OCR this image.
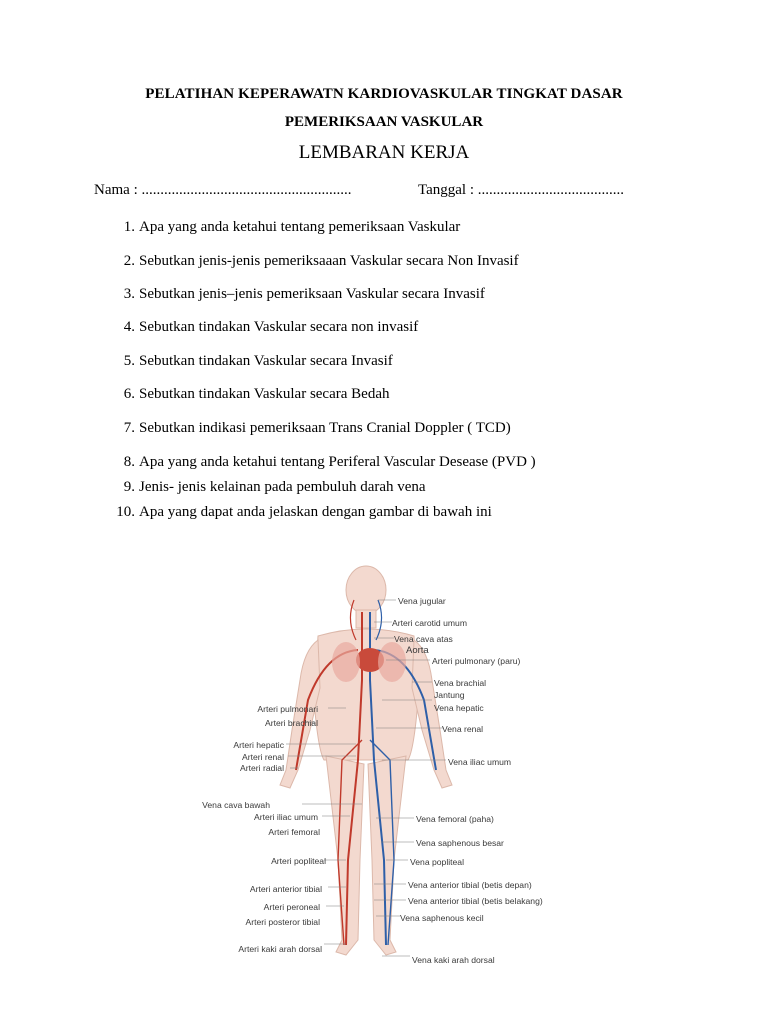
PELATIHAN KEPERAWATN KARDIOVASKULAR TINGKAT DASAR
PEMERIKSAAN VASKULAR
LEMBARAN KERJA
Nama : ........................................................	Tanggal : .......................................
1. Apa yang anda ketahui tentang pemeriksaan Vaskular
2. Sebutkan jenis-jenis pemeriksaaan Vaskular secara Non Invasif
3. Sebutkan jenis–jenis pemeriksaan Vaskular secara Invasif
4. Sebutkan tindakan Vaskular secara non invasif
5. Sebutkan tindakan Vaskular secara Invasif
6. Sebutkan tindakan Vaskular secara Bedah
7. Sebutkan indikasi pemeriksaan Trans Cranial Doppler ( TCD)
8. Apa yang anda ketahui tentang Periferal Vascular Desease (PVD )
9. Jenis- jenis kelainan pada pembuluh darah vena
10. Apa yang dapat anda jelaskan dengan gambar di bawah ini
Vena jugular
Arteri carotid umum
Vena cava atas
Aorta
Arteri pulmonary (paru)
Vena brachial
Jantung
Vena hepatic
Vena renal
Vena iliac umum
Vena femoral (paha)
Vena saphenous besar
Vena popliteal
Vena anterior tibial (betis depan)
Vena anterior tibial (betis belakang)
Vena saphenous kecil
Vena kaki arah dorsal
Arteri pulmonari
Arteri brachial
Arteri hepatic
Arteri renal
Arteri radial
Vena cava bawah
Arteri iliac umum
Arteri femoral
Arteri popliteal
Arteri anterior tibial
Arteri peroneal
Arteri posteror tibial
Arteri kaki arah dorsal
